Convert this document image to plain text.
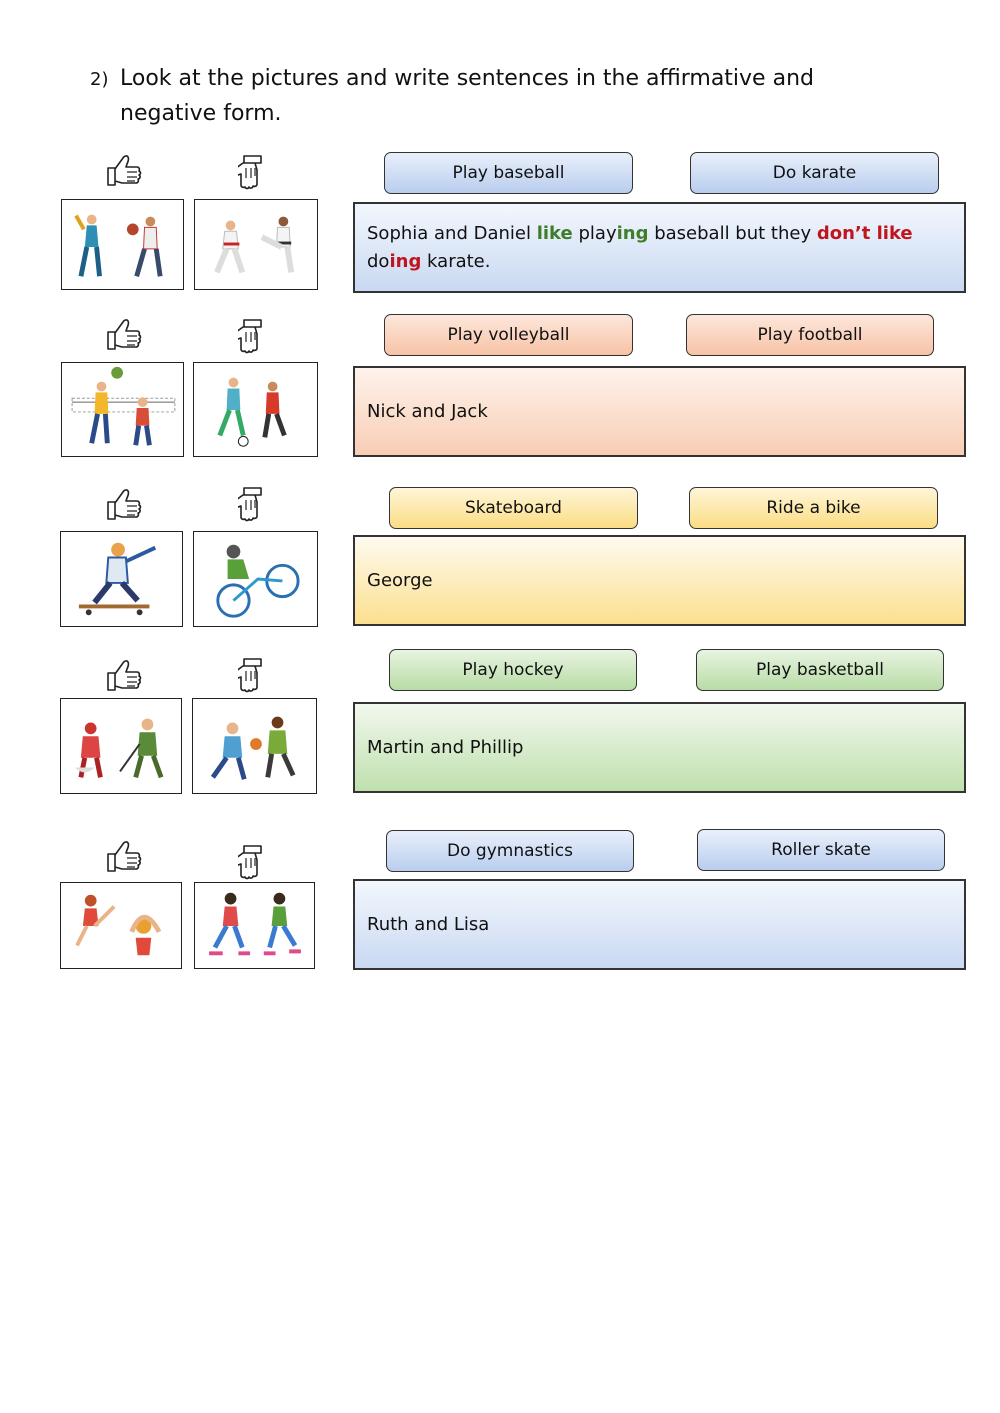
2) Look at the pictures and write sentences in the affirmative and
negative form.
Play baseball	Do karate
Sophia and Daniel like playing baseball but they don’t like doing karate.
Play volleyball	Play football
Nick and Jack
Skateboard	Ride a bike
George
Play hockey	Play basketball
Martin and Phillip
Do gymnastics	Roller skate
Ruth and Lisa
